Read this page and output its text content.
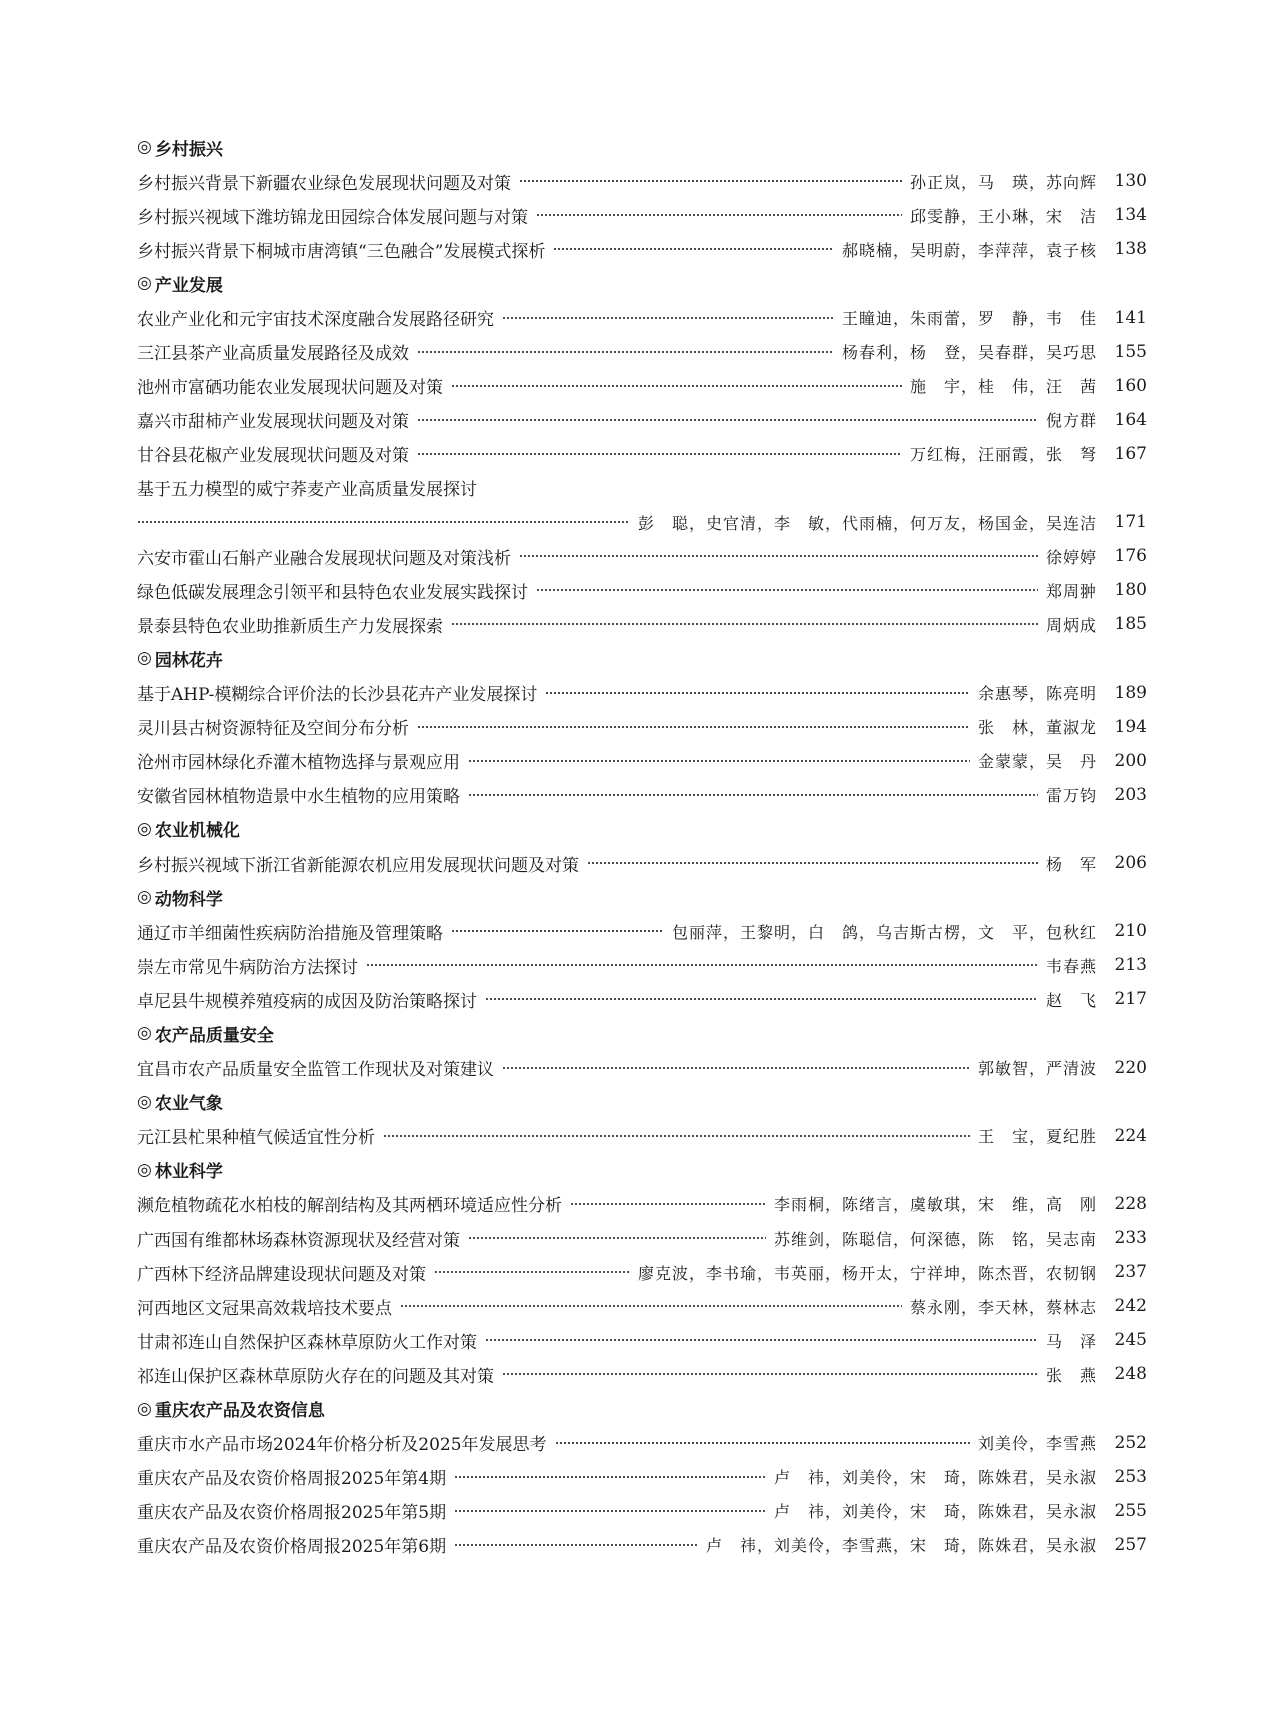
◎ 乡村振兴
乡村振兴背景下新疆农业绿色发展现状问题及对策	孙正岚，马　瑛，苏向辉	130
乡村振兴视域下潍坊锦龙田园综合体发展问题与对策	邱雯静，王小琳，宋　洁	134
乡村振兴背景下桐城市唐湾镇“三色融合”发展模式探析	郝晓楠，吴明蔚，李萍萍，袁子核	138
◎ 产业发展
农业产业化和元宇宙技术深度融合发展路径研究	王瞳迪，朱雨蕾，罗　静，韦　佳	141
三江县茶产业高质量发展路径及成效	杨春利，杨　登，吴春群，吴巧思	155
池州市富硒功能农业发展现状问题及对策	施　宇，桂　伟，汪　茜	160
嘉兴市甜柿产业发展现状问题及对策	倪方群	164
甘谷县花椒产业发展现状问题及对策	万红梅，汪丽霞，张　弩	167
基于五力模型的威宁荞麦产业高质量发展探讨
彭　聪，史官清，李　敏，代雨楠，何万友，杨国金，吴连洁	171
六安市霍山石斛产业融合发展现状问题及对策浅析	徐婷婷	176
绿色低碳发展理念引领平和县特色农业发展实践探讨	郑周翀	180
景泰县特色农业助推新质生产力发展探索	周炳成	185
◎ 园林花卉
基于AHP-模糊综合评价法的长沙县花卉产业发展探讨	余惠琴，陈亮明	189
灵川县古树资源特征及空间分布分析	张　林，董淑龙	194
沧州市园林绿化乔灌木植物选择与景观应用	金蒙蒙，吴　丹	200
安徽省园林植物造景中水生植物的应用策略	雷万钧	203
◎ 农业机械化
乡村振兴视域下浙江省新能源农机应用发展现状问题及对策	杨　军	206
◎ 动物科学
通辽市羊细菌性疾病防治措施及管理策略	包丽萍，王黎明，白　鸽，乌吉斯古楞，文　平，包秋红	210
崇左市常见牛病防治方法探讨	韦春燕	213
卓尼县牛规模养殖疫病的成因及防治策略探讨	赵　飞	217
◎ 农产品质量安全
宜昌市农产品质量安全监管工作现状及对策建议	郭敏智，严清波	220
◎ 农业气象
元江县杧果种植气候适宜性分析	王　宝，夏纪胜	224
◎ 林业科学
濒危植物疏花水柏枝的解剖结构及其两栖环境适应性分析	李雨桐，陈绪言，虞敏琪，宋　维，高　刚	228
广西国有维都林场森林资源现状及经营对策	苏维剑，陈聪信，何深德，陈　铭，吴志南	233
广西林下经济品牌建设现状问题及对策	廖克波，李书瑜，韦英丽，杨开太，宁祥坤，陈杰晋，农韧钢	237
河西地区文冠果高效栽培技术要点	蔡永刚，李天林，蔡林志	242
甘肃祁连山自然保护区森林草原防火工作对策	马　泽	245
祁连山保护区森林草原防火存在的问题及其对策	张　燕	248
◎ 重庆农产品及农资信息
重庆市水产品市场2024年价格分析及2025年发展思考	刘美伶，李雪燕	252
重庆农产品及农资价格周报2025年第4期	卢　祎，刘美伶，宋　琦，陈姝君，吴永淑	253
重庆农产品及农资价格周报2025年第5期	卢　祎，刘美伶，宋　琦，陈姝君，吴永淑	255
重庆农产品及农资价格周报2025年第6期	卢　祎，刘美伶，李雪燕，宋　琦，陈姝君，吴永淑	257
